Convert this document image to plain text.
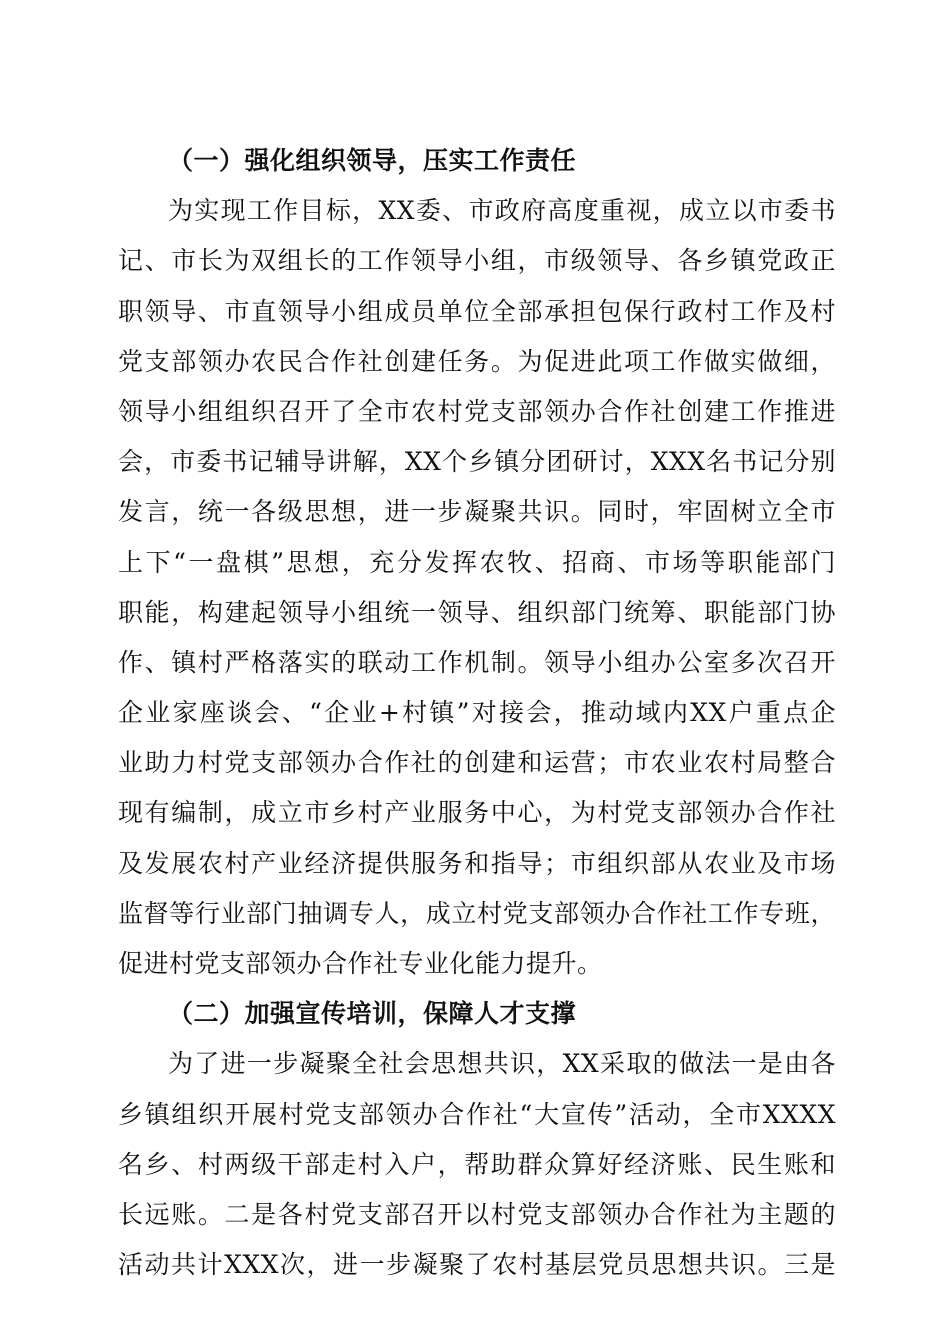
（一）强化组织领导，压实工作责任

为实现工作目标，XX委、市政府高度重视，成立以市委书

记、市长为双组长的工作领导小组，市级领导、各乡镇党政正

职领导、市直领导小组成员单位全部承担包保行政村工作及村

党支部领办农民合作社创建任务。为促进此项工作做实做细，

领导小组组织召开了全市农村党支部领办合作社创建工作推进

会，市委书记辅导讲解，XX个乡镇分团研讨，XXX名书记分别

发言，统一各级思想，进一步凝聚共识。同时，牢固树立全市

上下“一盘棋”思想，充分发挥农牧、招商、市场等职能部门

职能，构建起领导小组统一领导、组织部门统筹、职能部门协

作、镇村严格落实的联动工作机制。领导小组办公室多次召开

企业家座谈会、“企业+村镇”对接会，推动域内XX户重点企

业助力村党支部领办合作社的创建和运营；市农业农村局整合

现有编制，成立市乡村产业服务中心，为村党支部领办合作社

及发展农村产业经济提供服务和指导；市组织部从农业及市场

监督等行业部门抽调专人，成立村党支部领办合作社工作专班，

促进村党支部领办合作社专业化能力提升。

（二）加强宣传培训，保障人才支撑

为了进一步凝聚全社会思想共识，XX采取的做法一是由各

乡镇组织开展村党支部领办合作社“大宣传”活动，全市XXXX

名乡、村两级干部走村入户，帮助群众算好经济账、民生账和

长远账。二是各村党支部召开以村党支部领办合作社为主题的

活动共计XXX次，进一步凝聚了农村基层党员思想共识。三是
